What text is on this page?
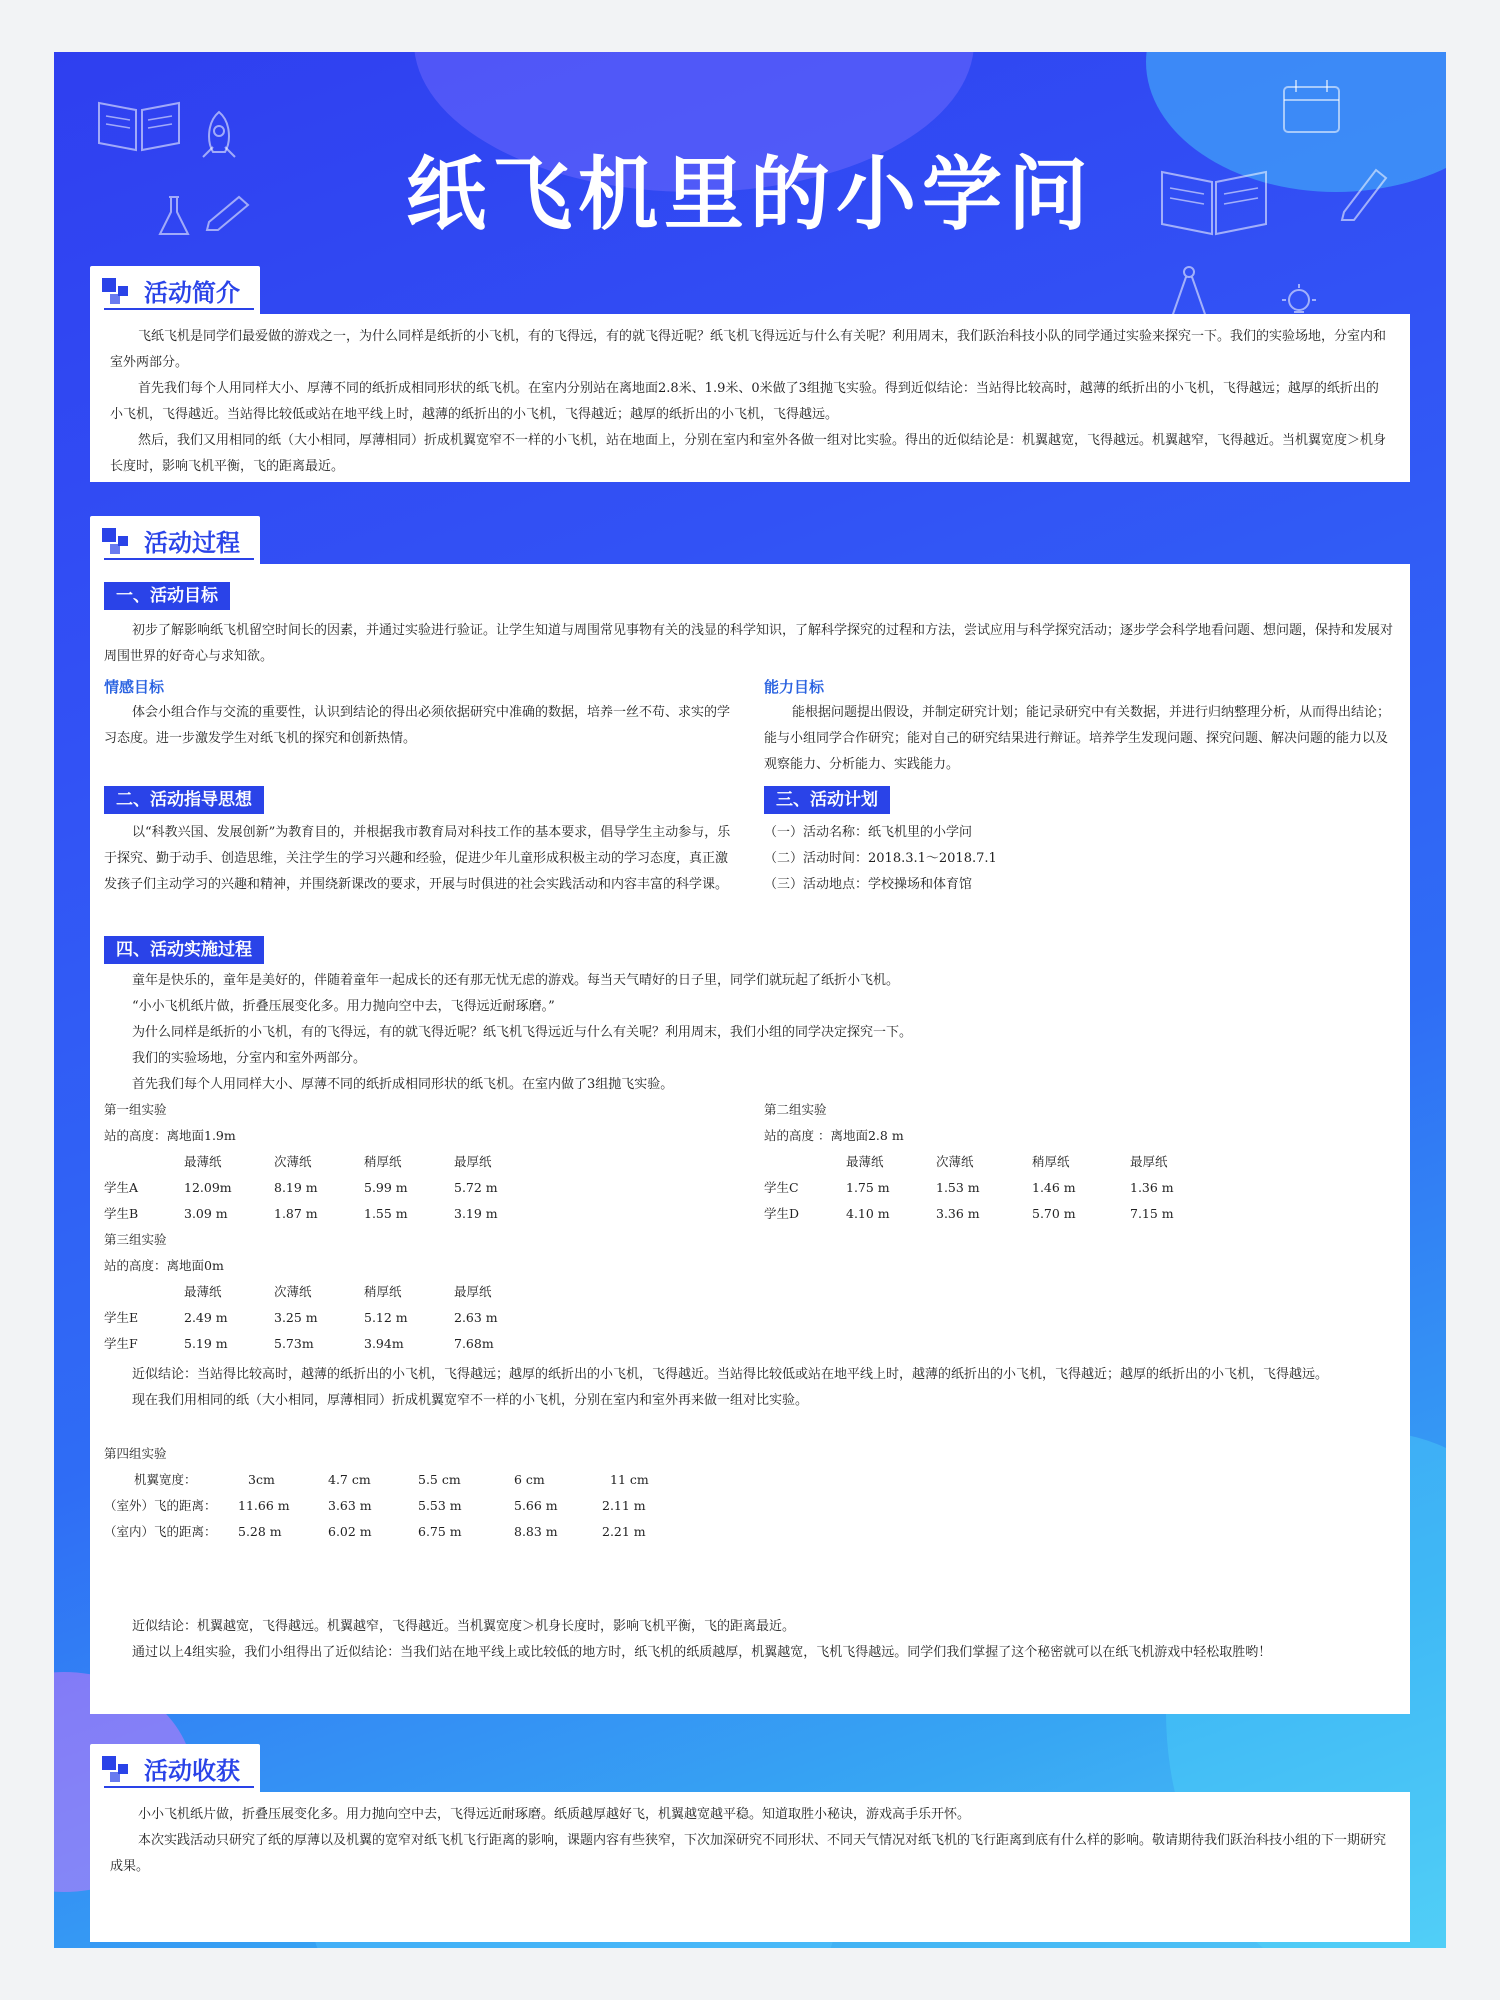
纸飞机里的小学问
活动简介

飞纸飞机是同学们最爱做的游戏之一，为什么同样是纸折的小飞机，有的飞得远，有的就飞得近呢？纸飞机飞得远近与什么有关呢？利用周末，我们跃治科技小队的同学通过实验来探究一下。我们的实验场地，分室内和室外两部分。

首先我们每个人用同样大小、厚薄不同的纸折成相同形状的纸飞机。在室内分别站在离地面2.8米、1.9米、0米做了3组抛飞实验。得到近似结论：当站得比较高时，越薄的纸折出的小飞机，飞得越远；越厚的纸折出的小飞机，飞得越近。当站得比较低或站在地平线上时，越薄的纸折出的小飞机，飞得越近；越厚的纸折出的小飞机，飞得越远。

然后，我们又用相同的纸（大小相同，厚薄相同）折成机翼宽窄不一样的小飞机，站在地面上，分别在室内和室外各做一组对比实验。得出的近似结论是：机翼越宽，飞得越远。机翼越窄，飞得越近。当机翼宽度＞机身长度时，影响飞机平衡，飞的距离最近。

活动过程
一、活动目标

初步了解影响纸飞机留空时间长的因素，并通过实验进行验证。让学生知道与周围常见事物有关的浅显的科学知识，了解科学探究的过程和方法，尝试应用与科学探究活动；逐步学会科学地看问题、想问题，保持和发展对周围世界的好奇心与求知欲。

情感目标

体会小组合作与交流的重要性，认识到结论的得出必须依据研究中准确的数据，培养一丝不苟、求实的学习态度。进一步激发学生对纸飞机的探究和创新热情。

能力目标

能根据问题提出假设，并制定研究计划；能记录研究中有关数据，并进行归纳整理分析，从而得出结论；能与小组同学合作研究；能对自己的研究结果进行辩证。培养学生发现问题、探究问题、解决问题的能力以及观察能力、分析能力、实践能力。

二、活动指导思想

以“科教兴国、发展创新”为教育目的，并根据我市教育局对科技工作的基本要求，倡导学生主动参与，乐于探究、勤于动手、创造思维，关注学生的学习兴趣和经验，促进少年儿童形成积极主动的学习态度，真正激发孩子们主动学习的兴趣和精神，并围绕新课改的要求，开展与时俱进的社会实践活动和内容丰富的科学课。

三、活动计划

（一）活动名称：纸飞机里的小学问

（二）活动时间：2018.3.1～2018.7.1

（三）活动地点：学校操场和体育馆

四、活动实施过程

童年是快乐的，童年是美好的，伴随着童年一起成长的还有那无忧无虑的游戏。每当天气晴好的日子里，同学们就玩起了纸折小飞机。

“小小飞机纸片做，折叠压展变化多。用力抛向空中去，飞得远近耐琢磨。”

为什么同样是纸折的小飞机，有的飞得远，有的就飞得近呢？纸飞机飞得远近与什么有关呢？利用周末，我们小组的同学决定探究一下。

我们的实验场地，分室内和室外两部分。

首先我们每个人用同样大小、厚薄不同的纸折成相同形状的纸飞机。在室内做了3组抛飞实验。

第一组实验
站的高度：离地面1.9m
最薄纸	次薄纸	稍厚纸	最厚纸
学生A	12.09m	8.19 m	5.99 m	5.72 m
学生B	3.09 m	1.87 m	1.55 m	3.19 m
第二组实验
站的高度 ：离地面2.8 m
最薄纸	次薄纸	稍厚纸	最厚纸
学生C	1.75 m	1.53 m	1.46 m	1.36 m
学生D	4.10 m	3.36 m	5.70 m	7.15 m
第三组实验
站的高度：离地面0m
最薄纸	次薄纸	稍厚纸	最厚纸
学生E	2.49 m	3.25 m	5.12 m	2.63 m
学生F	5.19 m	5.73m	3.94m	7.68m

近似结论：当站得比较高时，越薄的纸折出的小飞机，飞得越远；越厚的纸折出的小飞机，飞得越近。当站得比较低或站在地平线上时，越薄的纸折出的小飞机，飞得越近；越厚的纸折出的小飞机，飞得越远。

现在我们用相同的纸（大小相同，厚薄相同）折成机翼宽窄不一样的小飞机，分别在室内和室外再来做一组对比实验。

第四组实验
机翼宽度：	3cm	4.7 cm	5.5 cm	6 cm	11 cm
（室外）飞的距离： 11.66 m	3.63 m	5.53 m	5.66 m	2.11 m
（室内）飞的距离： 5.28 m	6.02 m	6.75 m	8.83 m	2.21 m

近似结论：机翼越宽，飞得越远。机翼越窄，飞得越近。当机翼宽度＞机身长度时，影响飞机平衡，飞的距离最近。

通过以上4组实验，我们小组得出了近似结论：当我们站在地平线上或比较低的地方时，纸飞机的纸质越厚，机翼越宽，飞机飞得越远。同学们我们掌握了这个秘密就可以在纸飞机游戏中轻松取胜哟！

活动收获

小小飞机纸片做，折叠压展变化多。用力抛向空中去，飞得远近耐琢磨。纸质越厚越好飞，机翼越宽越平稳。知道取胜小秘诀，游戏高手乐开怀。

本次实践活动只研究了纸的厚薄以及机翼的宽窄对纸飞机飞行距离的影响，课题内容有些狭窄，下次加深研究不同形状、不同天气情况对纸飞机的飞行距离到底有什么样的影响。敬请期待我们跃治科技小组的下一期研究成果。
